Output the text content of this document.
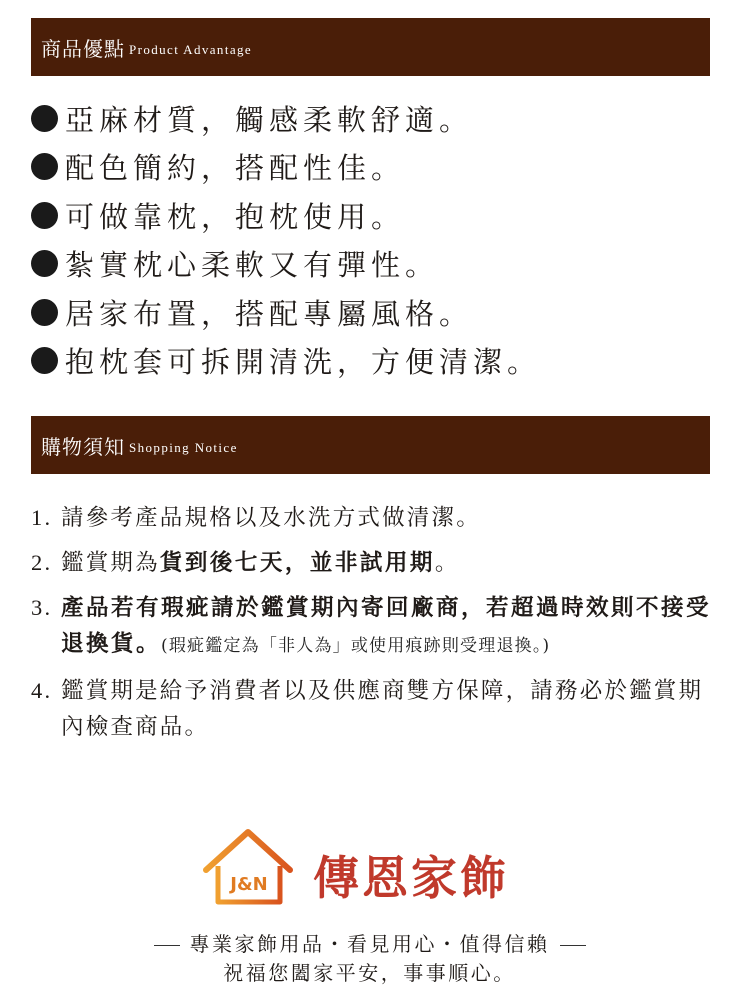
商品優點 Product Advantage
亞麻材質，觸感柔軟舒適。
配色簡約，搭配性佳。
可做靠枕，抱枕使用。
紮實枕心柔軟又有彈性。
居家布置，搭配專屬風格。
抱枕套可拆開清洗，方便清潔。
購物須知 Shopping Notice
1. 請參考產品規格以及水洗方式做清潔。
2. 鑑賞期為貨到後七天，並非試用期。
3. 產品若有瑕疵請於鑑賞期內寄回廠商，若超過時效則不接受退換貨。(瑕疵鑑定為「非人為」或使用痕跡則受理退換。)
4. 鑑賞期是給予消費者以及供應商雙方保障，請務必於鑑賞期內檢查商品。
J&N 傳恩家飾
專業家飾用品・看見用心・值得信賴
祝福您闔家平安，事事順心。
